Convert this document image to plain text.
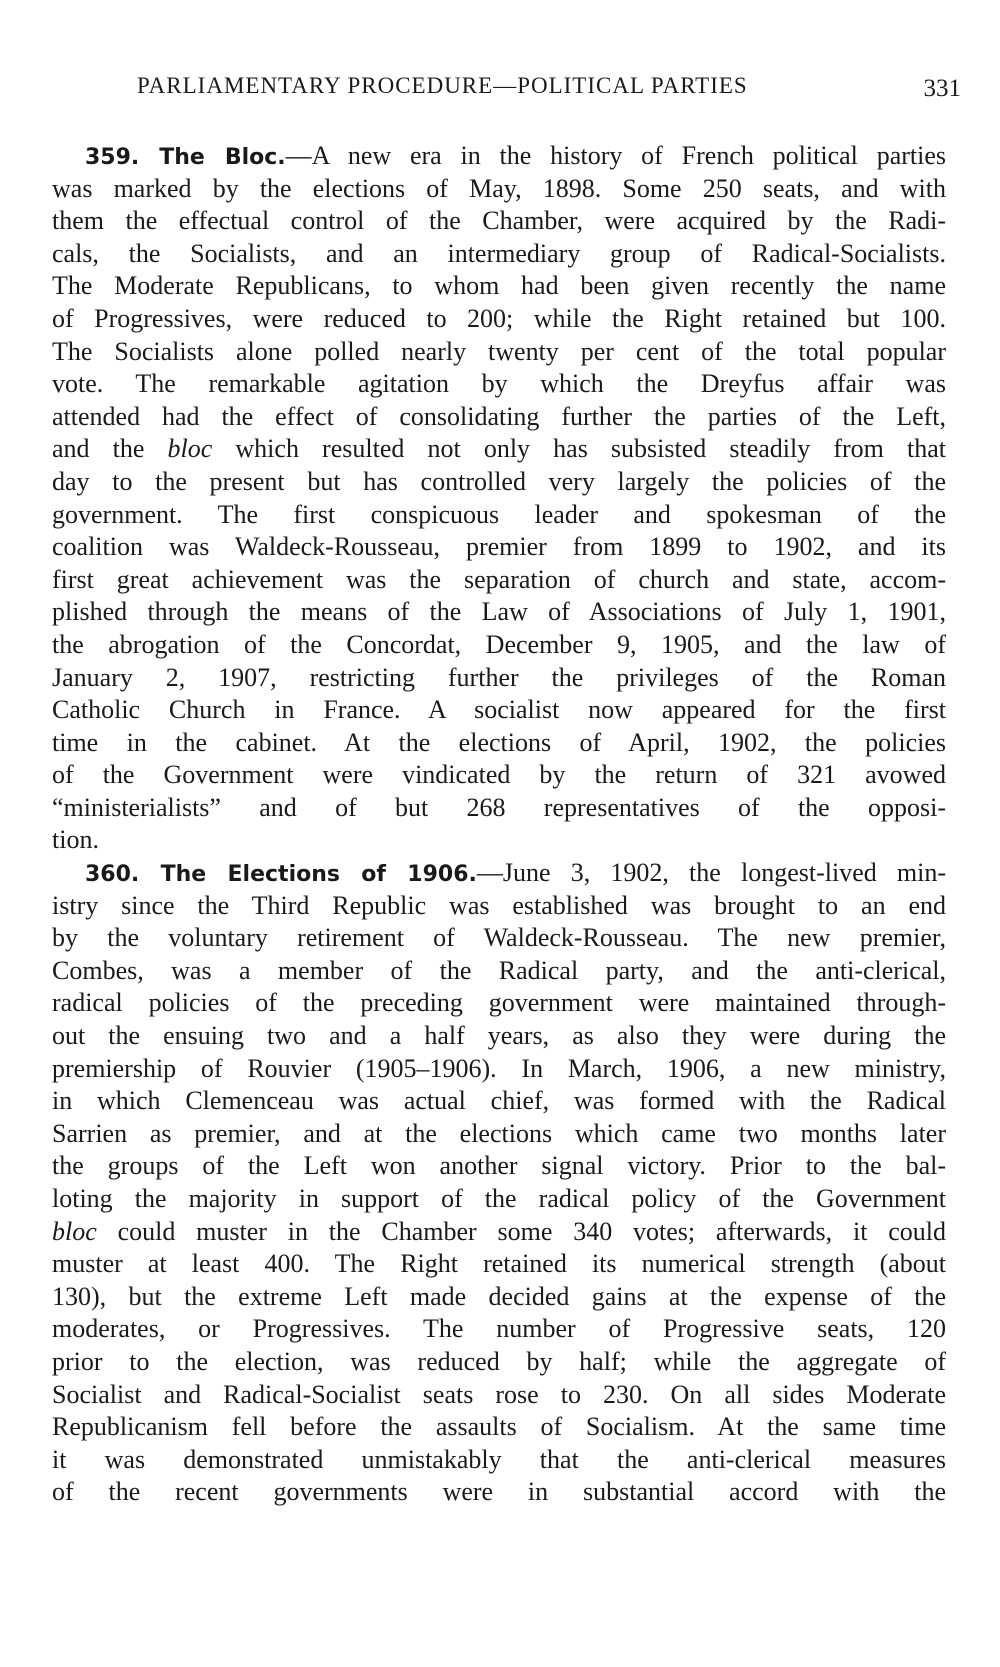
PARLIAMENTARY PROCEDURE—POLITICAL PARTIES	331
359. The Bloc.—A new era in the history of French political parties
was marked by the elections of May, 1898. Some 250 seats, and with
them the effectual control of the Chamber, were acquired by the Radi-
cals, the Socialists, and an intermediary group of Radical-Socialists.
The Moderate Republicans, to whom had been given recently the name
of Progressives, were reduced to 200; while the Right retained but 100.
The Socialists alone polled nearly twenty per cent of the total popular
vote. The remarkable agitation by which the Dreyfus affair was
attended had the effect of consolidating further the parties of the Left,
and the bloc which resulted not only has subsisted steadily from that
day to the present but has controlled very largely the policies of the
government. The first conspicuous leader and spokesman of the
coalition was Waldeck-Rousseau, premier from 1899 to 1902, and its
first great achievement was the separation of church and state, accom-
plished through the means of the Law of Associations of July 1, 1901,
the abrogation of the Concordat, December 9, 1905, and the law of
January 2, 1907, restricting further the privileges of the Roman
Catholic Church in France. A socialist now appeared for the first
time in the cabinet. At the elections of April, 1902, the policies
of the Government were vindicated by the return of 321 avowed
“ministerialists” and of but 268 representatives of the opposi-
tion.
360. The Elections of 1906.—June 3, 1902, the longest-lived min-
istry since the Third Republic was established was brought to an end
by the voluntary retirement of Waldeck-Rousseau. The new premier,
Combes, was a member of the Radical party, and the anti-clerical,
radical policies of the preceding government were maintained through-
out the ensuing two and a half years, as also they were during the
premiership of Rouvier (1905–1906). In March, 1906, a new ministry,
in which Clemenceau was actual chief, was formed with the Radical
Sarrien as premier, and at the elections which came two months later
the groups of the Left won another signal victory. Prior to the bal-
loting the majority in support of the radical policy of the Government
bloc could muster in the Chamber some 340 votes; afterwards, it could
muster at least 400. The Right retained its numerical strength (about
130), but the extreme Left made decided gains at the expense of the
moderates, or Progressives. The number of Progressive seats, 120
prior to the election, was reduced by half; while the aggregate of
Socialist and Radical-Socialist seats rose to 230. On all sides Moderate
Republicanism fell before the assaults of Socialism. At the same time
it was demonstrated unmistakably that the anti-clerical measures
of the recent governments were in substantial accord with the
